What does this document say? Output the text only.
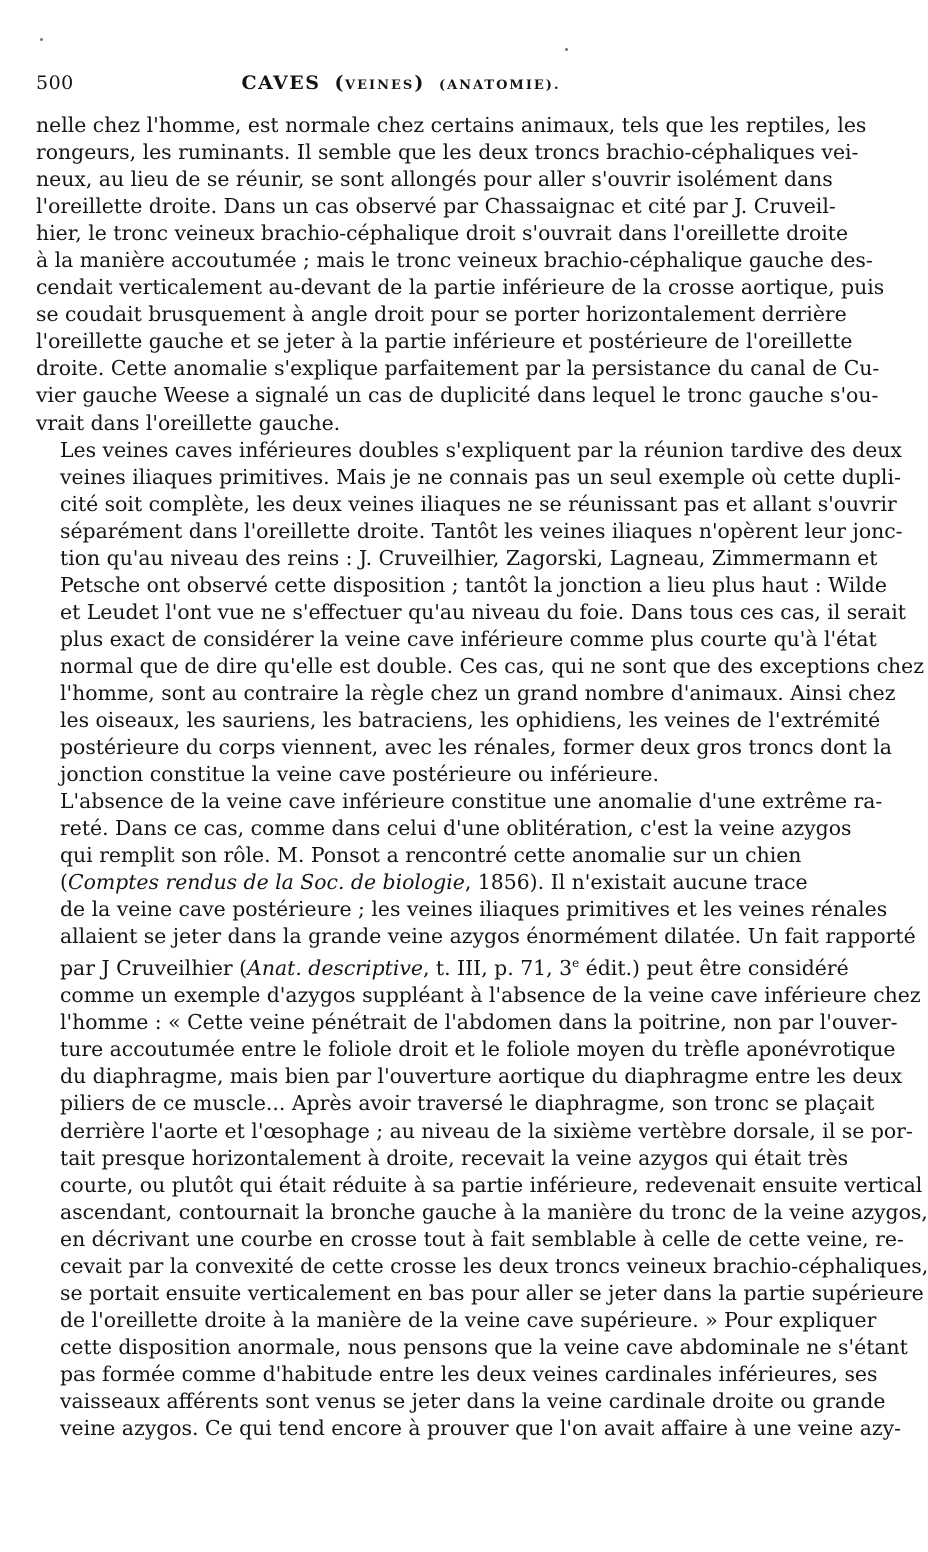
500	CAVES (VEINES) (ANATOMIE).

nelle chez l'homme, est normale chez certains animaux, tels que les reptiles, les
rongeurs, les ruminants. Il semble que les deux troncs brachio-céphaliques vei-
neux, au lieu de se réunir, se sont allongés pour aller s'ouvrir isolément dans
l'oreillette droite. Dans un cas observé par Chassaignac et cité par J. Cruveil-
hier, le tronc veineux brachio-céphalique droit s'ouvrait dans l'oreillette droite
à la manière accoutumée ; mais le tronc veineux brachio-céphalique gauche des-
cendait verticalement au-devant de la partie inférieure de la crosse aortique, puis
se coudait brusquement à angle droit pour se porter horizontalement derrière
l'oreillette gauche et se jeter à la partie inférieure et postérieure de l'oreillette
droite. Cette anomalie s'explique parfaitement par la persistance du canal de Cu-
vier gauche Weese a signalé un cas de duplicité dans lequel le tronc gauche s'ou-
vrait dans l'oreillette gauche.

Les veines caves inférieures doubles s'expliquent par la réunion tardive des deux
veines iliaques primitives. Mais je ne connais pas un seul exemple où cette dupli-
cité soit complète, les deux veines iliaques ne se réunissant pas et allant s'ouvrir
séparément dans l'oreillette droite. Tantôt les veines iliaques n'opèrent leur jonc-
tion qu'au niveau des reins : J. Cruveilhier, Zagorski, Lagneau, Zimmermann et
Petsche ont observé cette disposition ; tantôt la jonction a lieu plus haut : Wilde
et Leudet l'ont vue ne s'effectuer qu'au niveau du foie. Dans tous ces cas, il serait
plus exact de considérer la veine cave inférieure comme plus courte qu'à l'état
normal que de dire qu'elle est double. Ces cas, qui ne sont que des exceptions chez
l'homme, sont au contraire la règle chez un grand nombre d'animaux. Ainsi chez
les oiseaux, les sauriens, les batraciens, les ophidiens, les veines de l'extrémité
postérieure du corps viennent, avec les rénales, former deux gros troncs dont la
jonction constitue la veine cave postérieure ou inférieure.

L'absence de la veine cave inférieure constitue une anomalie d'une extrême ra-
reté. Dans ce cas, comme dans celui d'une oblitération, c'est la veine azygos
qui remplit son rôle. M. Ponsot a rencontré cette anomalie sur un chien
(Comptes rendus de la Soc. de biologie, 1856). Il n'existait aucune trace
de la veine cave postérieure ; les veines iliaques primitives et les veines rénales
allaient se jeter dans la grande veine azygos énormément dilatée. Un fait rapporté
par J Cruveilhier (Anat. descriptive, t. III, p. 71, 3e édit.) peut être considéré
comme un exemple d'azygos suppléant à l'absence de la veine cave inférieure chez
l'homme : « Cette veine pénétrait de l'abdomen dans la poitrine, non par l'ouver-
ture accoutumée entre le foliole droit et le foliole moyen du trèfle aponévrotique
du diaphragme, mais bien par l'ouverture aortique du diaphragme entre les deux
piliers de ce muscle... Après avoir traversé le diaphragme, son tronc se plaçait
derrière l'aorte et l'œsophage ; au niveau de la sixième vertèbre dorsale, il se por-
tait presque horizontalement à droite, recevait la veine azygos qui était très
courte, ou plutôt qui était réduite à sa partie inférieure, redevenait ensuite vertical
ascendant, contournait la bronche gauche à la manière du tronc de la veine azygos,
en décrivant une courbe en crosse tout à fait semblable à celle de cette veine, re-
cevait par la convexité de cette crosse les deux troncs veineux brachio-céphaliques,
se portait ensuite verticalement en bas pour aller se jeter dans la partie supérieure
de l'oreillette droite à la manière de la veine cave supérieure. » Pour expliquer
cette disposition anormale, nous pensons que la veine cave abdominale ne s'étant
pas formée comme d'habitude entre les deux veines cardinales inférieures, ses
vaisseaux afférents sont venus se jeter dans la veine cardinale droite ou grande
veine azygos. Ce qui tend encore à prouver que l'on avait affaire à une veine azy-
